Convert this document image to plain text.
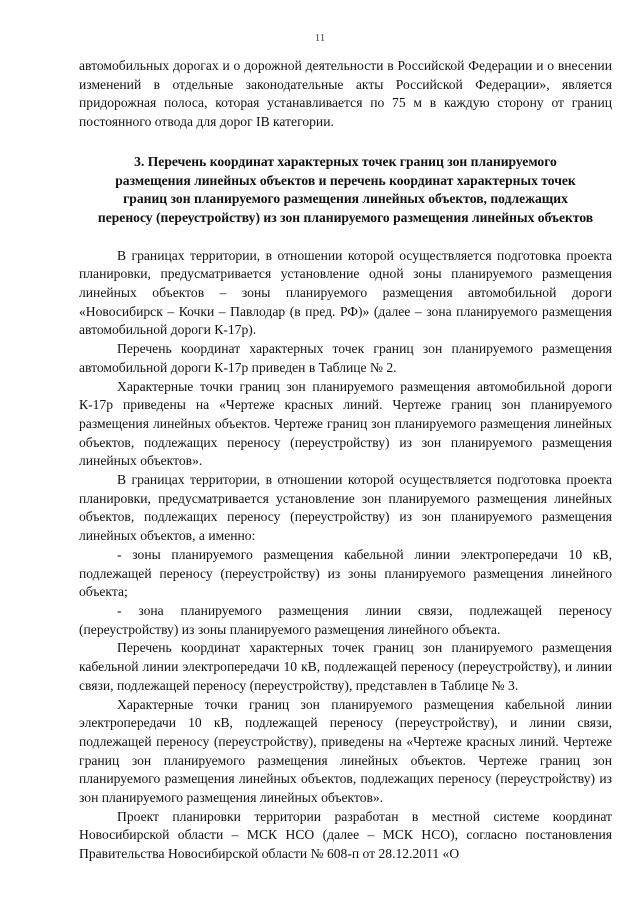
11

автомобильных дорогах и о дорожной деятельности в Российской Федерации и о внесении изменений в отдельные законодательные акты Российской Федерации», является придорожная полоса, которая устанавливается по 75 м в каждую сторону от границ постоянного отвода для дорог IВ категории.

3. Перечень координат характерных точек границ зон планируемого размещения линейных объектов и перечень координат характерных точек границ зон планируемого размещения линейных объектов, подлежащих переносу (переустройству) из зон планируемого размещения линейных объектов

В границах территории, в отношении которой осуществляется подготовка проекта планировки, предусматривается установление одной зоны планируемого размещения линейных объектов – зоны планируемого размещения автомобильной дороги «Новосибирск – Кочки – Павлодар (в пред. РФ)» (далее – зона планируемого размещения автомобильной дороги К-17р).

Перечень координат характерных точек границ зон планируемого размещения автомобильной дороги К-17р приведен в Таблице № 2.

Характерные точки границ зон планируемого размещения автомобильной дороги К-17р приведены на «Чертеже красных линий. Чертеже границ зон планируемого размещения линейных объектов. Чертеже границ зон планируемого размещения линейных объектов, подлежащих переносу (переустройству) из зон планируемого размещения линейных объектов».

В границах территории, в отношении которой осуществляется подготовка проекта планировки, предусматривается установление зон планируемого размещения линейных объектов, подлежащих переносу (переустройству) из зон планируемого размещения линейных объектов, а именно:

- зоны планируемого размещения кабельной линии электропередачи 10 кВ, подлежащей переносу (переустройству) из зоны планируемого размещения линейного объекта;

- зона планируемого размещения линии связи, подлежащей переносу (переустройству) из зоны планируемого размещения линейного объекта.

Перечень координат характерных точек границ зон планируемого размещения кабельной линии электропередачи 10 кВ, подлежащей переносу (переустройству), и линии связи, подлежащей переносу (переустройству), представлен в Таблице № 3.

Характерные точки границ зон планируемого размещения кабельной линии электропередачи 10 кВ, подлежащей переносу (переустройству), и линии связи, подлежащей переносу (переустройству), приведены на «Чертеже красных линий. Чертеже границ зон планируемого размещения линейных объектов. Чертеже границ зон планируемого размещения линейных объектов, подлежащих переносу (переустройству) из зон планируемого размещения линейных объектов».

Проект планировки территории разработан в местной системе координат Новосибирской области – МСК НСО (далее – МСК НСО), согласно постановления Правительства Новосибирской области № 608-п от 28.12.2011 «О
